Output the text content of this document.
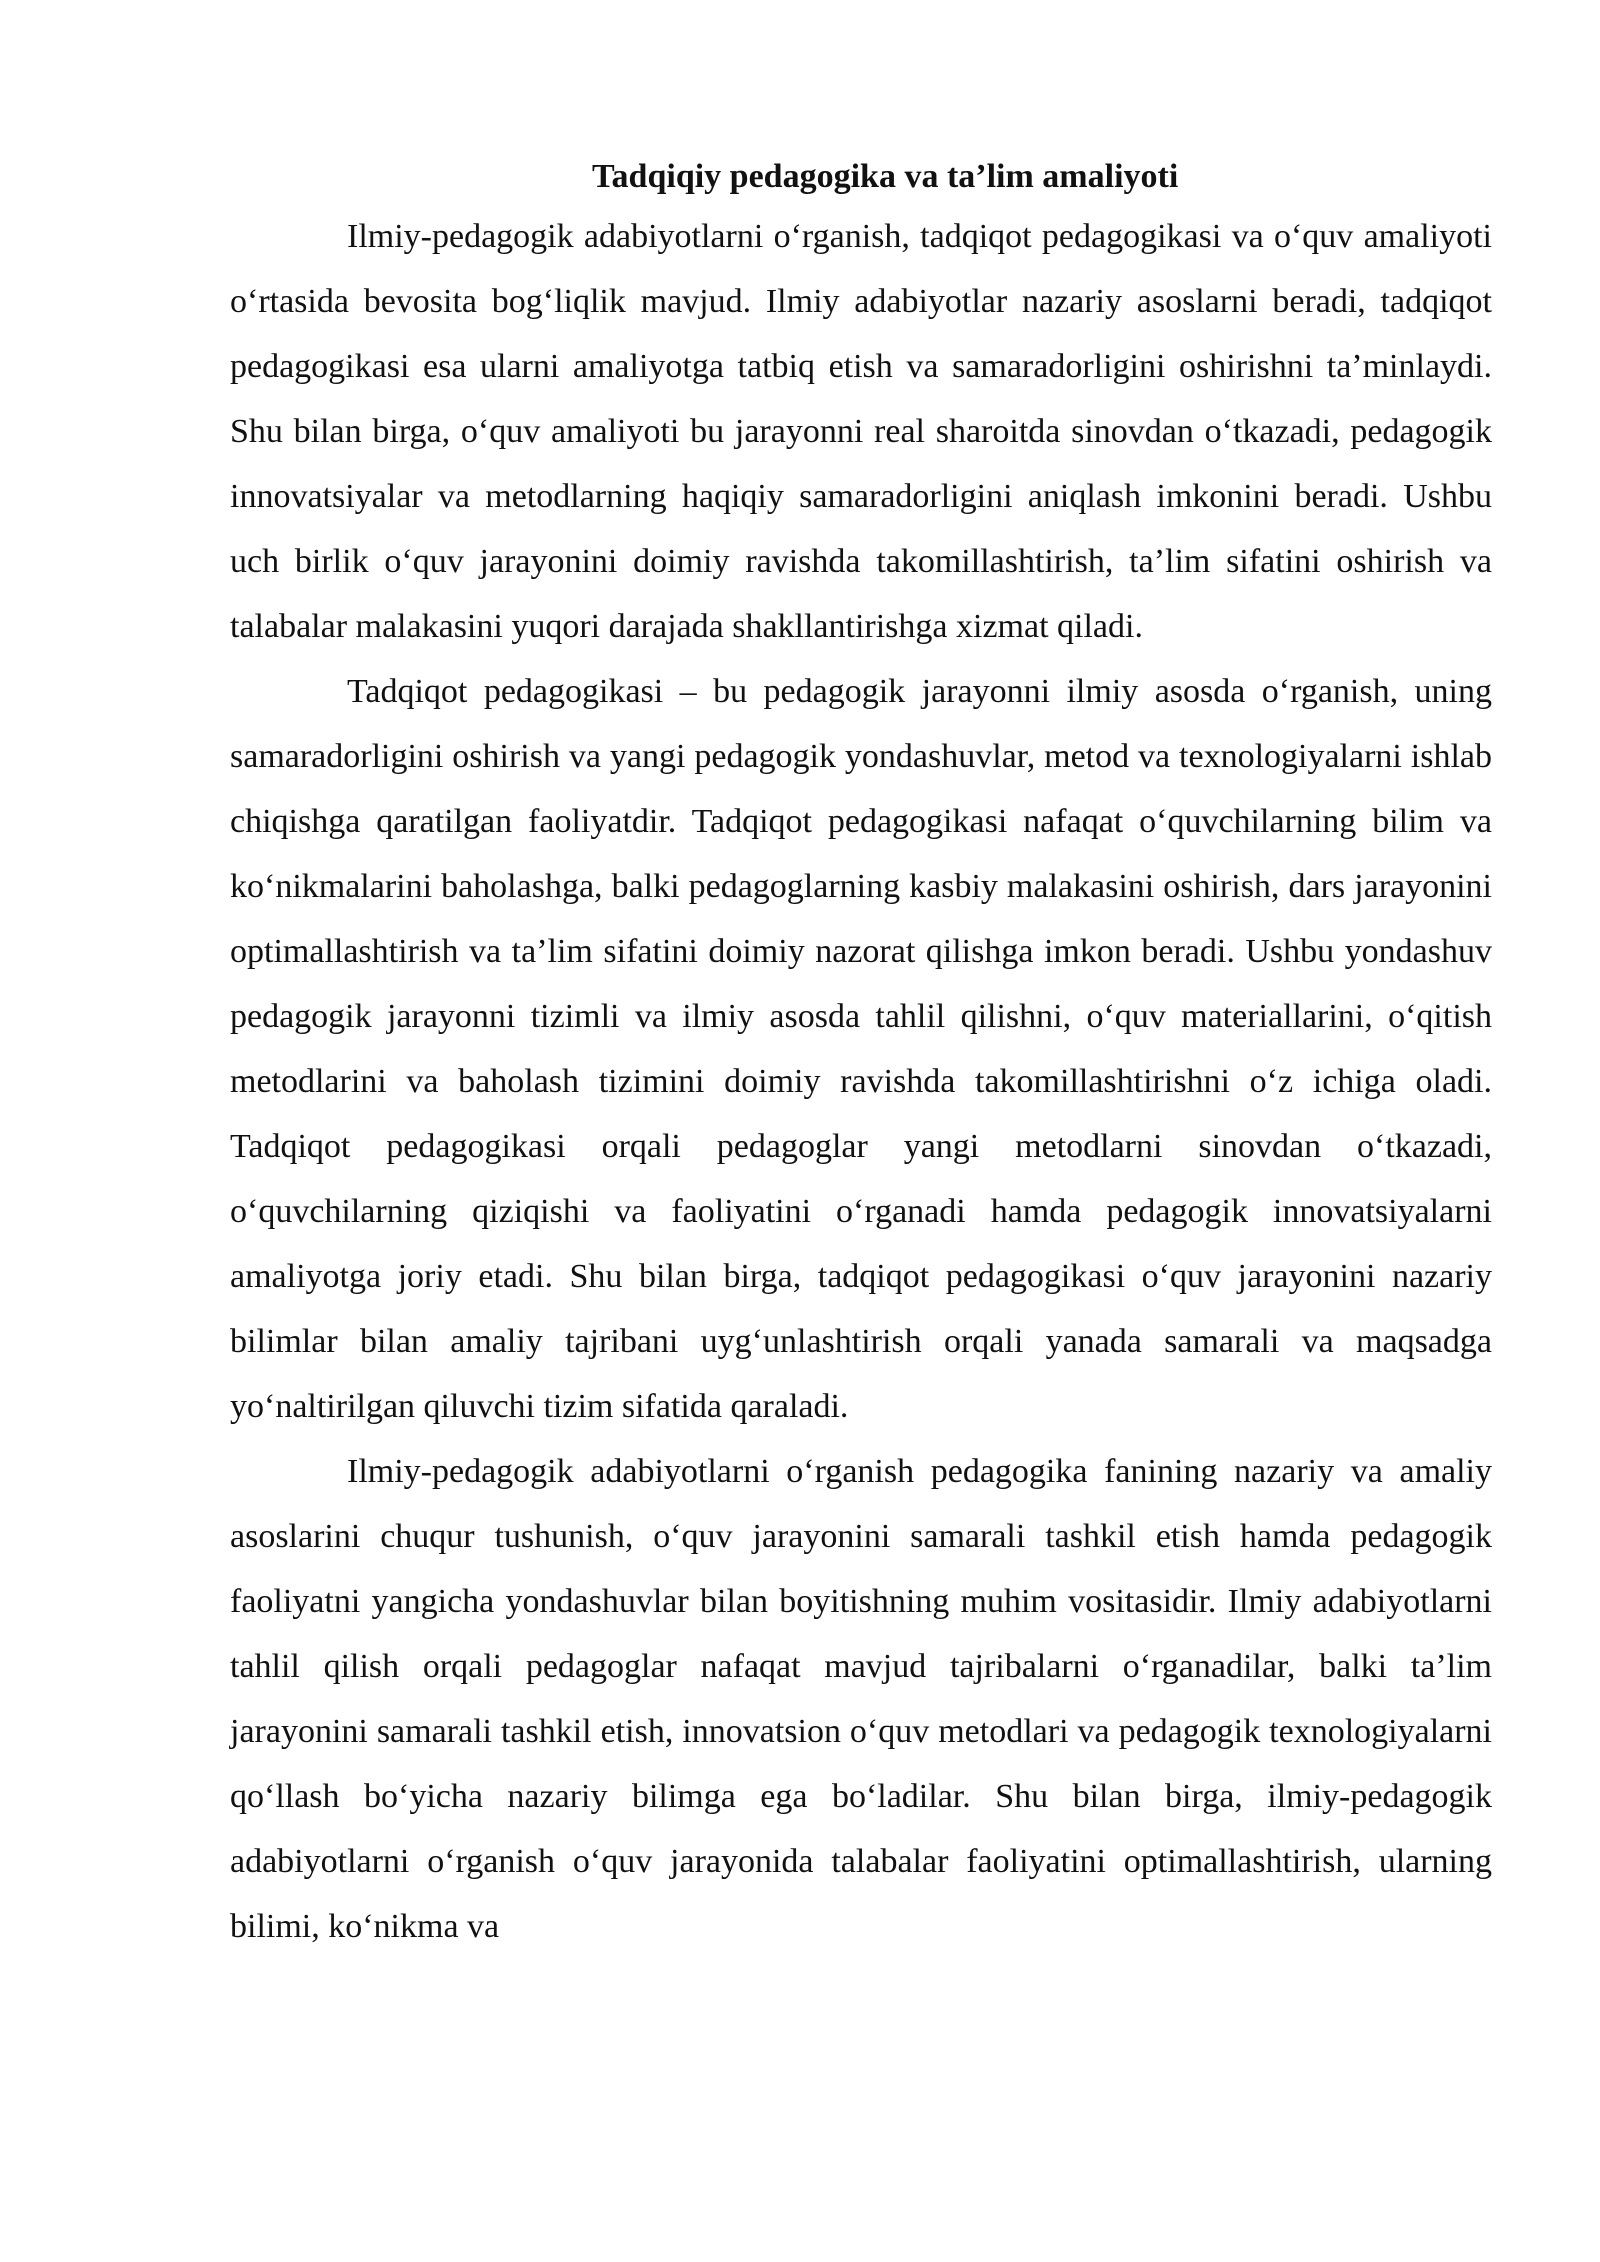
Tadqiqiy pedagogika va ta’lim amaliyoti

Ilmiy-pedagogik adabiyotlarni o‘rganish, tadqiqot pedagogikasi va o‘quv amaliyoti o‘rtasida bevosita bog‘liqlik mavjud. Ilmiy adabiyotlar nazariy asoslarni beradi, tadqiqot pedagogikasi esa ularni amaliyotga tatbiq etish va samaradorligini oshirishni ta’minlaydi. Shu bilan birga, o‘quv amaliyoti bu jarayonni real sharoitda sinovdan o‘tkazadi, pedagogik innovatsiyalar va metodlarning haqiqiy samaradorligini aniqlash imkonini beradi. Ushbu uch birlik o‘quv jarayonini doimiy ravishda takomillashtirish, ta’lim sifatini oshirish va talabalar malakasini yuqori darajada shakllantirishga xizmat qiladi.

Tadqiqot pedagogikasi – bu pedagogik jarayonni ilmiy asosda o‘rganish, uning samaradorligini oshirish va yangi pedagogik yondashuvlar, metod va texnologiyalarni ishlab chiqishga qaratilgan faoliyatdir. Tadqiqot pedagogikasi nafaqat o‘quvchilarning bilim va ko‘nikmalarini baholashga, balki pedagoglarning kasbiy malakasini oshirish, dars jarayonini optimallashtirish va ta’lim sifatini doimiy nazorat qilishga imkon beradi. Ushbu yondashuv pedagogik jarayonni tizimli va ilmiy asosda tahlil qilishni, o‘quv materiallarini, o‘qitish metodlarini va baholash tizimini doimiy ravishda takomillashtirishni o‘z ichiga oladi. Tadqiqot pedagogikasi orqali pedagoglar yangi metodlarni sinovdan o‘tkazadi, o‘quvchilarning qiziqishi va faoliyatini o‘rganadi hamda pedagogik innovatsiyalarni amaliyotga joriy etadi. Shu bilan birga, tadqiqot pedagogikasi o‘quv jarayonini nazariy bilimlar bilan amaliy tajribani uyg‘unlashtirish orqali yanada samarali va maqsadga yo‘naltirilgan qiluvchi tizim sifatida qaraladi.

Ilmiy-pedagogik adabiyotlarni o‘rganish pedagogika fanining nazariy va amaliy asoslarini chuqur tushunish, o‘quv jarayonini samarali tashkil etish hamda pedagogik faoliyatni yangicha yondashuvlar bilan boyitishning muhim vositasidir. Ilmiy adabiyotlarni tahlil qilish orqali pedagoglar nafaqat mavjud tajribalarni o‘rganadilar, balki ta’lim jarayonini samarali tashkil etish, innovatsion o‘quv metodlari va pedagogik texnologiyalarni qo‘llash bo‘yicha nazariy bilimga ega bo‘ladilar. Shu bilan birga, ilmiy-pedagogik adabiyotlarni o‘rganish o‘quv jarayonida talabalar faoliyatini optimallashtirish, ularning bilimi, ko‘nikma va
